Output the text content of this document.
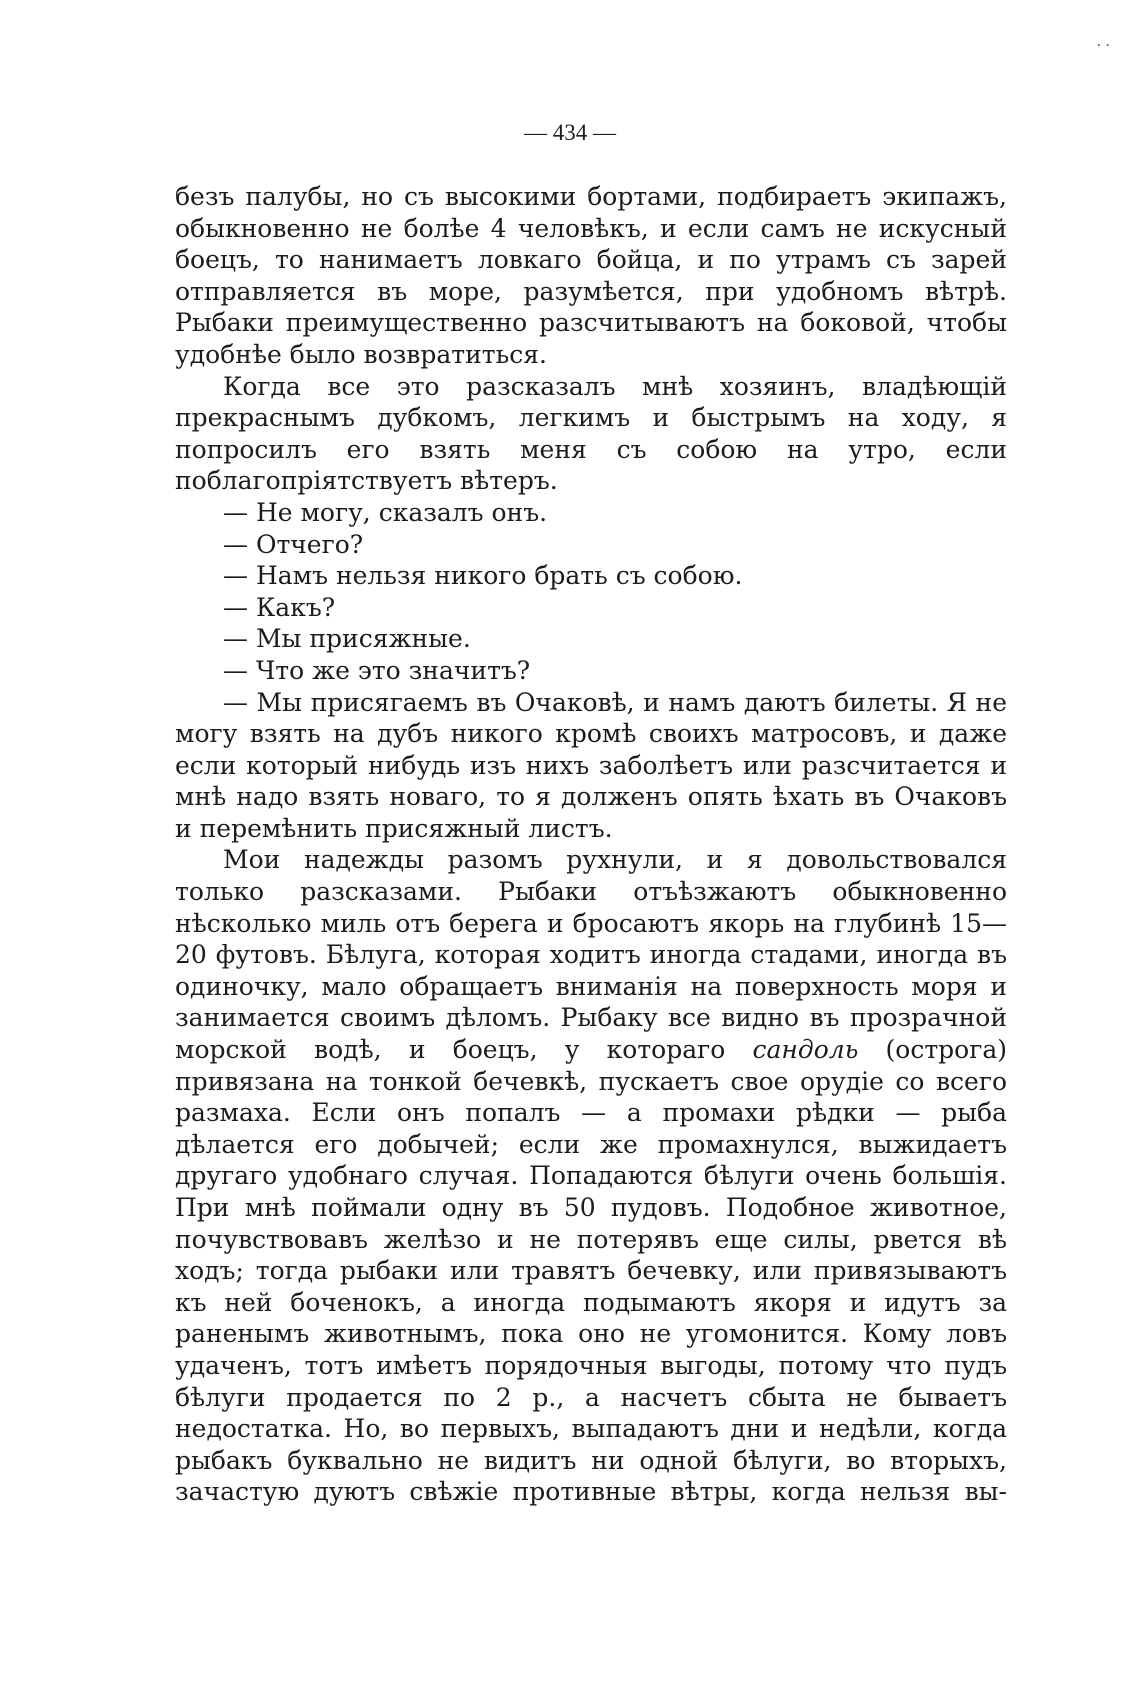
· ·
— 434 —

безъ палубы, но съ высокими бортами, подбираетъ экипажъ, обыкновенно не болѣе 4 человѣкъ, и если самъ не искусный боецъ, то нанимаетъ ловкаго бойца, и по утрамъ съ зарей отправляется въ море, разумѣется, при удобномъ вѣтрѣ. Рыбаки преимущественно разсчитываютъ на боковой, чтобы удобнѣе было возвратиться.

Когда все это разсказалъ мнѣ хозяинъ, владѣющій прекраснымъ дубкомъ, легкимъ и быстрымъ на ходу, я попросилъ его взять меня съ собою на утро, если поблагопріятствуетъ вѣтеръ.

— Не могу, сказалъ онъ.

— Отчего?

— Намъ нельзя никого брать съ собою.

— Какъ?

— Мы присяжные.

— Что же это значитъ?

— Мы присягаемъ въ Очаковѣ, и намъ даютъ билеты. Я не могу взять на дубъ никого кромѣ своихъ матросовъ, и даже если который нибудь изъ нихъ заболѣетъ или разсчитается и мнѣ надо взять новаго, то я долженъ опять ѣхать въ Очаковъ и перемѣнить присяжный листъ.

Мои надежды разомъ рухнули, и я довольствовался только разсказами. Рыбаки отъѣзжаютъ обыкновенно нѣсколько миль отъ берега и бросаютъ якорь на глубинѣ 15—20 футовъ. Бѣлуга, которая ходитъ иногда стадами, иногда въ одиночку, мало обращаетъ вниманія на поверхность моря и занимается своимъ дѣломъ. Рыбаку все видно въ прозрачной морской водѣ, и боецъ, у котораго сандоль (острога) привязана на тонкой бечевкѣ, пускаетъ свое орудіе со всего размаха. Если онъ попалъ — а промахи рѣдки — рыба дѣлается его добычей; если же промахнулся, выжидаетъ другаго удобнаго случая. Попадаются бѣлуги очень большія. При мнѣ поймали одну въ 50 пудовъ. Подобное животное, почувствовавъ желѣзо и не потерявъ еще силы, рвется вѣ ходъ; тогда рыбаки или травятъ бечевку, или привязываютъ къ ней боченокъ, а иногда подымаютъ якоря и идутъ за раненымъ животнымъ, пока оно не угомонится. Кому ловъ удаченъ, тотъ имѣетъ порядочныя выгоды, потому что пудъ бѣлуги продается по 2 р., а насчетъ сбыта не бываетъ недостатка. Но, во первыхъ, выпадаютъ дни и недѣли, когда рыбакъ буквально не видитъ ни одной бѣлуги, во вторыхъ, зачастую дуютъ свѣжіе противные вѣтры, когда нельзя вы-
